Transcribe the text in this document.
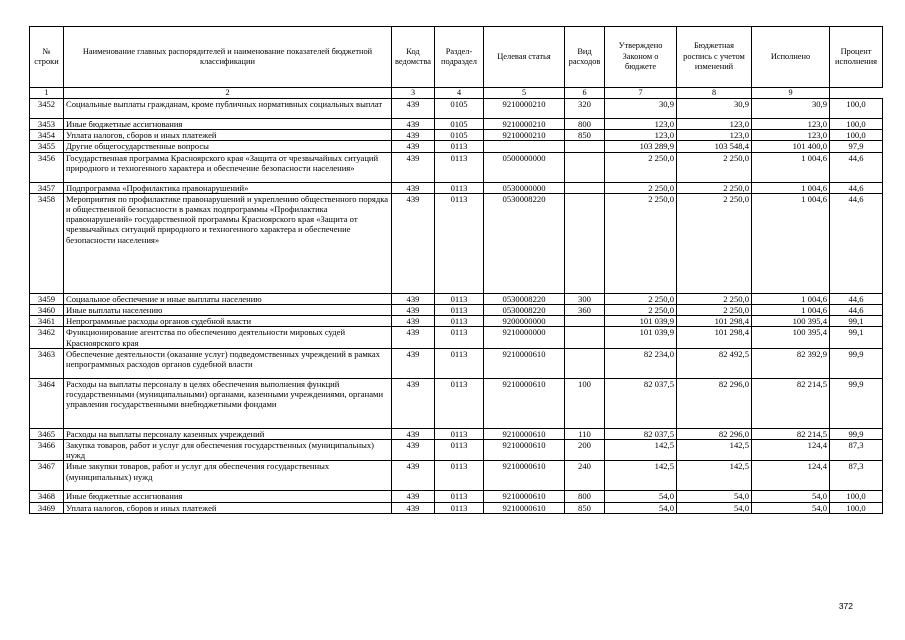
№ строки	Наименование главных распорядителей и наименование показателей бюджетной классификации	Код ведомства	Раздел-подраздел	Целевая статья	Вид расходов	Утверждено Законом о бюджете	Бюджетная роспись с учетом изменений	Исполнено	Процент исполнения
1	2	3	4	5	6	7	8	9	
3452	Социальные выплаты гражданам, кроме публичных нормативных социальных выплат	439	0105	9210000210	320	30,9	30,9	30,9	100,0
3453	Иные бюджетные ассигнования	439	0105	9210000210	800	123,0	123,0	123,0	100,0
3454	Уплата налогов, сборов и иных платежей	439	0105	9210000210	850	123,0	123,0	123,0	100,0
3455	Другие общегосударственные вопросы	439	0113			103 289,9	103 548,4	101 400,0	97,9
3456	Государственная программа Красноярского края «Защита от чрезвычайных ситуаций природного и техногенного характера и обеспечение безопасности населения»	439	0113	0500000000		2 250,0	2 250,0	1 004,6	44,6
3457	Подпрограмма «Профилактика правонарушений»	439	0113	0530000000		2 250,0	2 250,0	1 004,6	44,6
3458	Мероприятия по профилактике правонарушений и укреплению общественного порядка и общественной безопасности в рамках подпрограммы «Профилактика правонарушений» государственной программы Красноярского края «Защита от чрезвычайных ситуаций природного и техногенного характера и обеспечение безопасности населения»	439	0113	0530008220		2 250,0	2 250,0	1 004,6	44,6
3459	Социальное обеспечение и иные выплаты населению	439	0113	0530008220	300	2 250,0	2 250,0	1 004,6	44,6
3460	Иные выплаты населению	439	0113	0530008220	360	2 250,0	2 250,0	1 004,6	44,6
3461	Непрограммные расходы органов судебной власти	439	0113	9200000000		101 039,9	101 298,4	100 395,4	99,1
3462	Функционирование агентства по обеспечению деятельности мировых судей Красноярского края	439	0113	9210000000		101 039,9	101 298,4	100 395,4	99,1
3463	Обеспечение деятельности (оказание услуг) подведомственных учреждений в рамках непрограммных расходов органов судебной власти	439	0113	9210000610		82 234,0	82 492,5	82 392,9	99,9
3464	Расходы на выплаты персоналу в целях обеспечения выполнения функций государственными (муниципальными) органами, казенными учреждениями, органами управления государственными внебюджетными фондами	439	0113	9210000610	100	82 037,5	82 296,0	82 214,5	99,9
3465	Расходы на выплаты персоналу казенных учреждений	439	0113	9210000610	110	82 037,5	82 296,0	82 214,5	99,9
3466	Закупка товаров, работ и услуг для обеспечения государственных (муниципальных) нужд	439	0113	9210000610	200	142,5	142,5	124,4	87,3
3467	Иные закупки товаров, работ и услуг для обеспечения государственных (муниципальных) нужд	439	0113	9210000610	240	142,5	142,5	124,4	87,3
3468	Иные бюджетные ассигнования	439	0113	9210000610	800	54,0	54,0	54,0	100,0
3469	Уплата налогов, сборов и иных платежей	439	0113	9210000610	850	54,0	54,0	54,0	100,0
372
